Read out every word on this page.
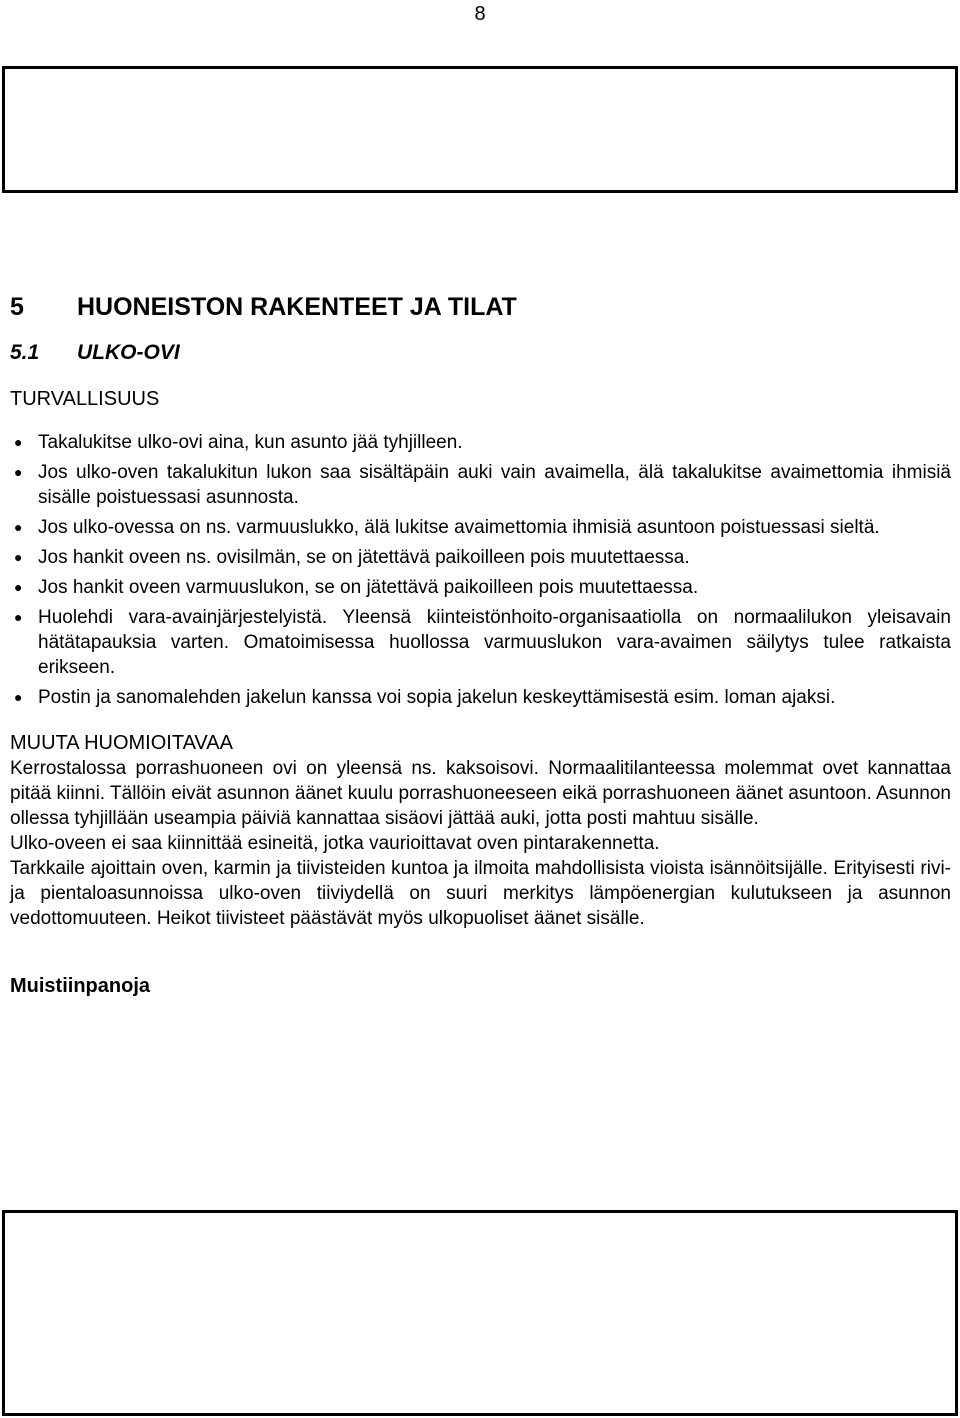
8
5	HUONEISTON RAKENTEET JA TILAT
5.1	ULKO-OVI
TURVALLISUUS
● Takalukitse ulko-ovi aina, kun asunto jää tyhjilleen.
● Jos ulko-oven takalukitun lukon saa sisältäpäin auki vain avaimella, älä takalukitse avaimettomia ihmisiä sisälle poistuessasi asunnosta.
● Jos ulko-ovessa on ns. varmuuslukko, älä lukitse avaimettomia ihmisiä asuntoon poistuessasi sieltä.
● Jos hankit oveen ns. ovisilmän, se on jätettävä paikoilleen pois muutettaessa.
● Jos hankit oveen varmuuslukon, se on jätettävä paikoilleen pois muutettaessa.
● Huolehdi vara-avainjärjestelyistä. Yleensä kiinteistönhoito-organisaatiolla on normaalilukon yleisavain hätätapauksia varten. Omatoimisessa huollossa varmuuslukon vara-avaimen säilytys tulee ratkaista erikseen.
● Postin ja sanomalehden jakelun kanssa voi sopia jakelun keskeyttämisestä esim. loman ajaksi.
MUUTA HUOMIOITAVAA

Kerrostalossa porrashuoneen ovi on yleensä ns. kaksoisovi. Normaalitilanteessa molemmat ovet kannattaa pitää kiinni. Tällöin eivät asunnon äänet kuulu porrashuoneeseen eikä porrashuoneen äänet asuntoon. Asunnon ollessa tyhjillään useampia päiviä kannattaa sisäovi jättää auki, jotta posti mahtuu sisälle.

Ulko-oveen ei saa kiinnittää esineitä, jotka vaurioittavat oven pintarakennetta.

Tarkkaile ajoittain oven, karmin ja tiivisteiden kuntoa ja ilmoita mahdollisista vioista isännöitsijälle. Erityisesti rivi- ja pientaloasunnoissa ulko-oven tiiviydellä on suuri merkitys lämpöenergian kulutukseen ja asunnon vedottomuuteen. Heikot tiivisteet päästävät myös ulkopuoliset äänet sisälle.

Muistiinpanoja
